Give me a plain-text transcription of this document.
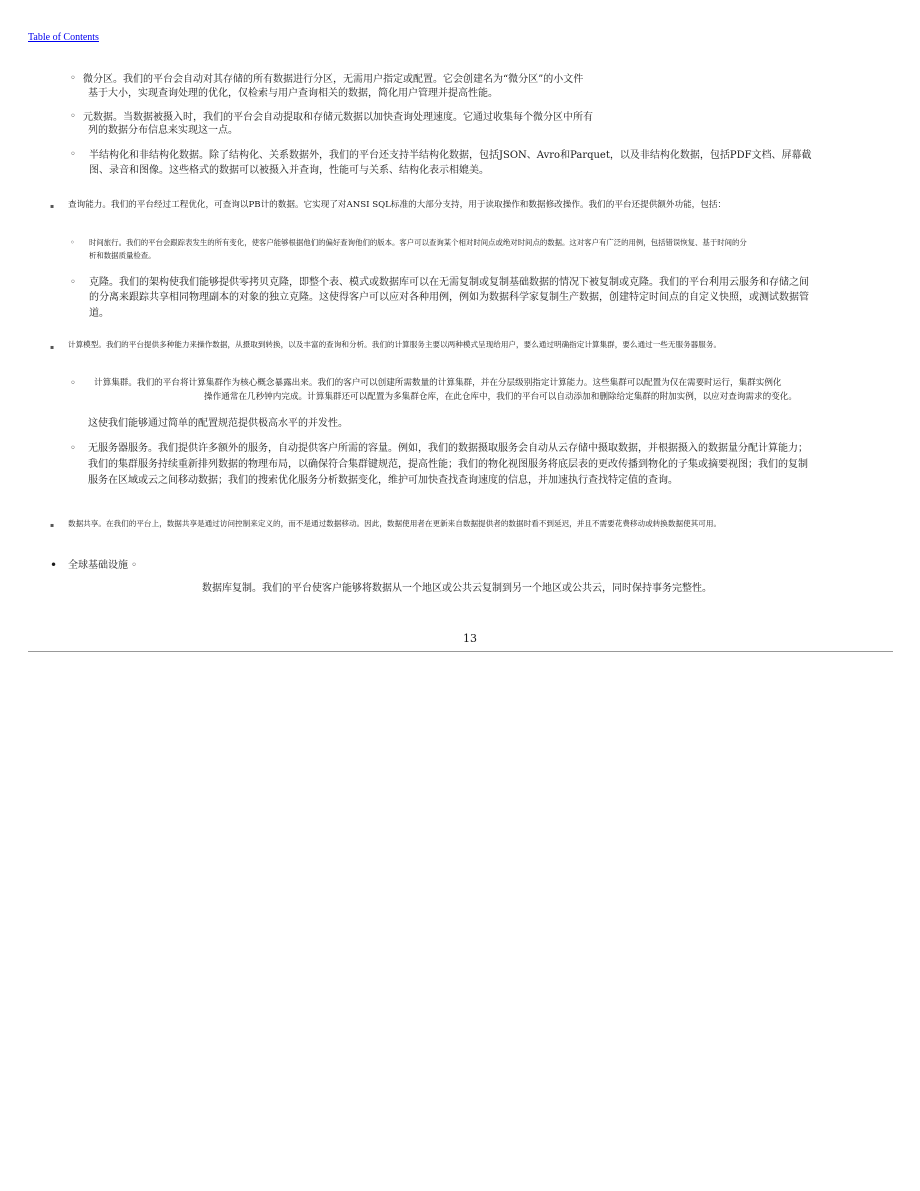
Table of Contents
◦ 微分区。我们的平台会自动对其存储的所有数据进行分区，无需用户指定或配置。它会创建名为“微分区”的小文件
基于大小，实现查询处理的优化，仅检索与用户查询相关的数据，简化用户管理并提高性能。
◦ 元数据。当数据被摄入时，我们的平台会自动提取和存储元数据以加快查询处理速度。它通过收集每个微分区中所有
列的数据分布信息来实现这一点。
◦ 半结构化和非结构化数据。除了结构化、关系数据外，我们的平台还支持半结构化数据，包括JSON、Avro和Parquet，以及非结构化数据，包括PDF文档、屏幕截
图、录音和图像。这些格式的数据可以被摄入并查询，性能可与关系、结构化表示相媲美。
▪ 查询能力。我们的平台经过工程优化，可查询以PB计的数据。它实现了对ANSI SQL标准的大部分支持，用于读取操作和数据修改操作。我们的平台还提供额外功能，包括：
◦ 时间旅行。我们的平台会跟踪表发生的所有变化，使客户能够根据他们的偏好查询他们的版本。客户可以查询某个相对时间点或绝对时间点的数据。这对客户有广泛的用例，包括错误恢复、基于时间的分
析和数据质量检查。
◦ 克隆。我们的架构使我们能够提供零拷贝克隆，即整个表、模式或数据库可以在无需复制或复制基础数据的情况下被复制或克隆。我们的平台利用云服务和存储之间
的分离来跟踪共享相同物理副本的对象的独立克隆。这使得客户可以应对各种用例，例如为数据科学家复制生产数据，创建特定时间点的自定义快照，或测试数据管
道。
▪ 计算模型。我们的平台提供多种能力来操作数据，从摄取到转换，以及丰富的查询和分析。我们的计算服务主要以两种模式呈现给用户，要么通过明确指定计算集群，要么通过一些无服务器服务。
◦ 计算集群。我们的平台将计算集群作为核心概念暴露出来。我们的客户可以创建所需数量的计算集群，并在分层级别指定计算能力。这些集群可以配置为仅在需要时运行，集群实例化
操作通常在几秒钟内完成。计算集群还可以配置为多集群仓库，在此仓库中，我们的平台可以自动添加和删除给定集群的附加实例，以应对查询需求的变化。
这使我们能够通过简单的配置规范提供极高水平的并发性。
◦ 无服务器服务。我们提供许多额外的服务，自动提供客户所需的容量。例如，我们的数据摄取服务会自动从云存储中摄取数据，并根据摄入的数据量分配计算能力；
我们的集群服务持续重新排列数据的物理布局，以确保符合集群键规范，提高性能；我们的物化视图服务将底层表的更改传播到物化的子集或摘要视图；我们的复制
服务在区域或云之间移动数据；我们的搜索优化服务分析数据变化，维护可加快查找查询速度的信息，并加速执行查找特定值的查询。
▪ 数据共享。在我们的平台上，数据共享是通过访问控制来定义的，而不是通过数据移动。因此，数据使用者在更新来自数据提供者的数据时看不到延迟，并且不需要花费移动或转换数据使其可用。
• 全球基础设施 ◦
数据库复制。我们的平台使客户能够将数据从一个地区或公共云复制到另一个地区或公共云，同时保持事务完整性。
13
